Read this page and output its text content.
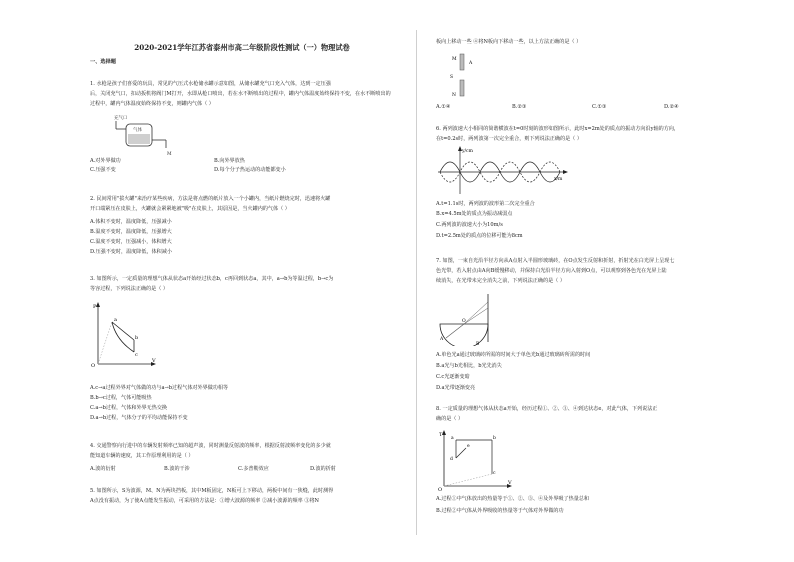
2020-2021学年江苏省泰州市高二年级阶段性测试（一）物理试卷
一、选择题
1. 水枪是孩子们喜爱的玩具，常见的气压式水枪储水罐示意如图，从储水罐充气口充入气体，达到一定压强
后，关闭充气口，扣动扳机将阀门M打开，水即从枪口喷出，若在水不断喷出的过程中，罐内气体温度始终保持不变，在水不断喷出的
过程中，罐内气体温度始终保持不变，则罐内气体（ ）
充气口
气体
M
A.对外界做功	B.向外界放热
C.压强不变	D.每个分子热运动的动能都变小
2. 民间常用"拔火罐"来治疗某些疾病，方法是将点燃的纸片放入一个小罐内，当纸片燃烧完时，迅速将火罐
开口端紧压在皮肤上，火罐就会紧紧地被"吸"在皮肤上，其原因是，当火罐内的气体（ ）
A.体积不变时，温度降低，压强减小
B.温度不变时，温度降低，压强增大
C.温度不变时，压强减小，体积增大
D.压强不变时，温度降低，体积减小
3. 如图所示，一定质量的理想气体从状态a开始经过状态b，c再回到状态a，其中，a→b为等温过程，b→c为
等容过程，下列说法正确的是（ ）
P
V
O
a
b
c
A.c→a过程外界对气体做的功与a→b过程气体对外界做功相等
B.b→c过程，气体可能吸热
C.a→b过程，气体和外界无热交换
D.a→b过程，气体分子的平均动能保持不变
4. 交通警察向行进中的车辆发射频率已知的超声波，同时测量反射波的频率，根据反射波频率变化的多少就
能知道车辆的速度，其工作原理利用的是（ ）
A.波的衍射	B.波的干涉	C.多普勒效应	D.波的折射
5. 如图所示，S为波源，M、N为两块挡板，其中M板固定，N板可上下移动，两板中间有一狭缝，此时测得
A点没有振动，为了使A点能发生振动，可采用的方法是：①增大波源的频率 ②减小波源的频率 ③将N
板向上移动一些 ④将N板向下移动一些，以上方法正确的是（ ）
M
A
S
N
A.①④	B.②③	C.①③	D.②④
6. 两列波速大小相同的简谐横波在t=0时刻的波形如图所示，此时x=2m处的质点的振动方向沿y轴的方向，
在t=0.2s时，两列波第一次完全重合，则下列说法正确的是（ ）
y/cm
x/m
A.t=1.1s时，两列波的波形第二次完全重合
B.x=4.5m处的质点为振动减弱点
C.两列波的波速大小为10m/s
D.t=2.5m处的质点的位移可能为8cm
7. 如图，一束自光沿半径方向从A点射入半圆形玻璃砖，在O点发生反射和折射，折射光在白光屏上呈现七
色光带，若入射点由A向B缓慢移动，并保持白光沿半径方向入射到O点，可以观察到各色光在光屏上陆
续消失，在光带未完全消失之前，下列说法正确的是（ ）
A
B
O
A.单色光a通过玻璃砖所需的时间大于单色光b通过玻璃砖所需的时间
B.a光与b光相比，b光先消失
C.c光逐渐变暗
D.a光带逐渐变亮
8. 一定质量的理想气体从状态a开始，经历过程①、②、③、④到达状态e，对此气体，下列说法正
确的是（ ）
T
V
O
a	b
c
d
e
A.过程①中气体放出的热量等于①、②、③、④及外界吸了热量总和
B.过程②中气体从外界吸收的热量等于气体对外界做的功
